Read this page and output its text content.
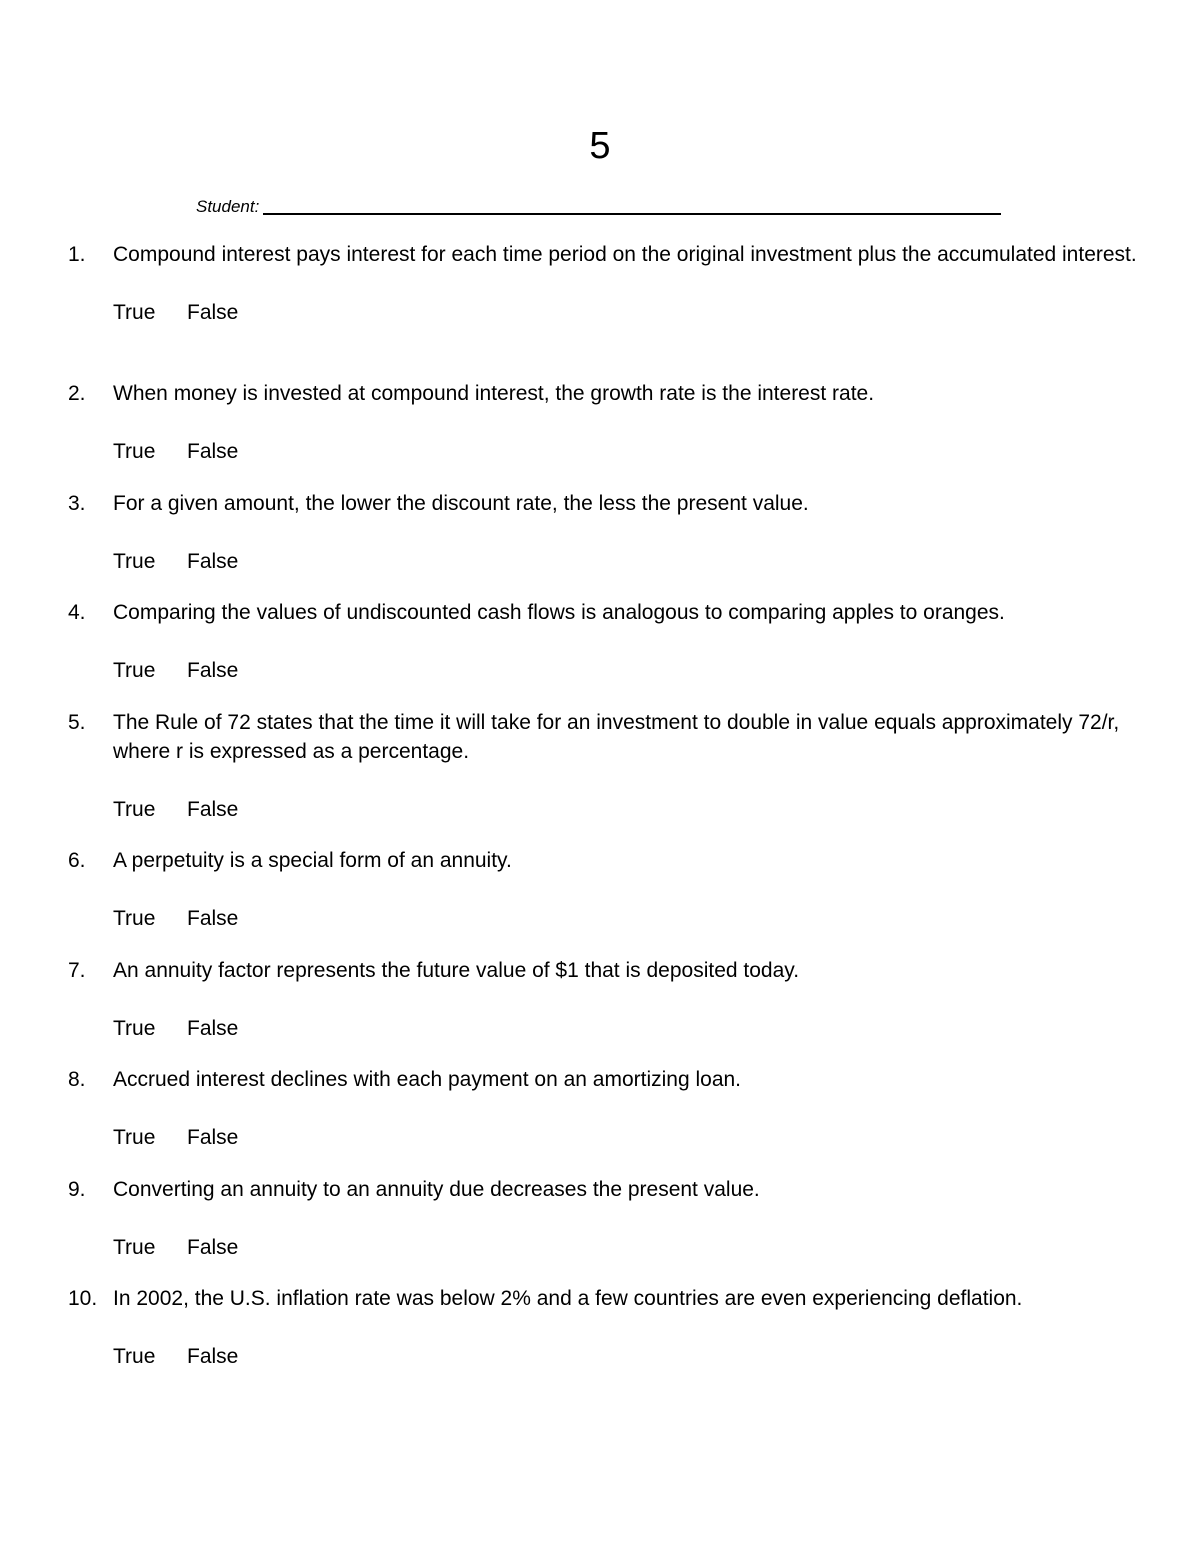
5
Student:
1.	Compound interest pays interest for each time period on the original investment plus the accumulated interest.
True	False
2.	When money is invested at compound interest, the growth rate is the interest rate.
True	False
3.	For a given amount, the lower the discount rate, the less the present value.
True	False
4.	Comparing the values of undiscounted cash flows is analogous to comparing apples to oranges.
True	False
5.	The Rule of 72 states that the time it will take for an investment to double in value equals approximately 72/r, where r is expressed as a percentage.
True	False
6.	A perpetuity is a special form of an annuity.
True	False
7.	An annuity factor represents the future value of $1 that is deposited today.
True	False
8.	Accrued interest declines with each payment on an amortizing loan.
True	False
9.	Converting an annuity to an annuity due decreases the present value.
True	False
10. In 2002, the U.S. inflation rate was below 2% and a few countries are even experiencing deflation.
True	False
